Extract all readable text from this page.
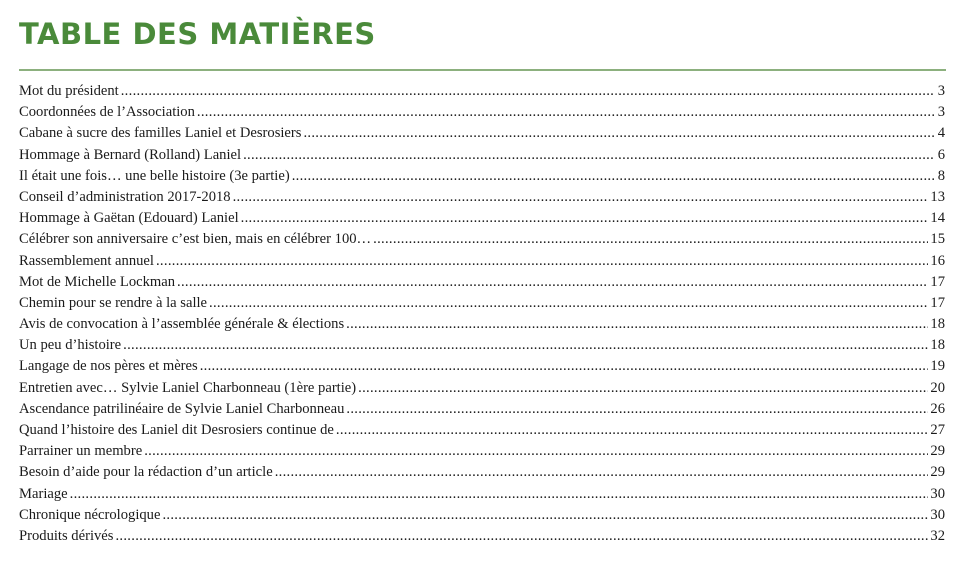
TABLE DES MATIÈRES
Mot du président .....	3
Coordonnées de l’Association .....	3
Cabane à sucre des familles Laniel et Desrosiers .....	4
Hommage à Bernard (Rolland) Laniel .....	6
Il était une fois… une belle histoire (3e partie) .....	8
Conseil d’administration 2017-2018 .....	13
Hommage à Gaëtan (Edouard) Laniel .....	14
Célébrer son anniversaire c’est bien, mais en célébrer 100… .....	15
Rassemblement annuel .....	16
Mot de Michelle Lockman .....	17
Chemin pour se rendre à la salle .....	17
Avis de convocation à l’assemblée générale & élections .....	18
Un peu d’histoire .....	18
Langage de nos pères et mères .....	19
Entretien avec… Sylvie Laniel Charbonneau (1ère partie) .....	20
Ascendance patrilinéaire de Sylvie Laniel Charbonneau .....	26
Quand l’histoire des Laniel dit Desrosiers continue de .....	27
Parrainer un membre .....	29
Besoin d’aide pour la rédaction d’un article .....	29
Mariage .....	30
Chronique nécrologique .....	30
Produits dérivés .....	32
